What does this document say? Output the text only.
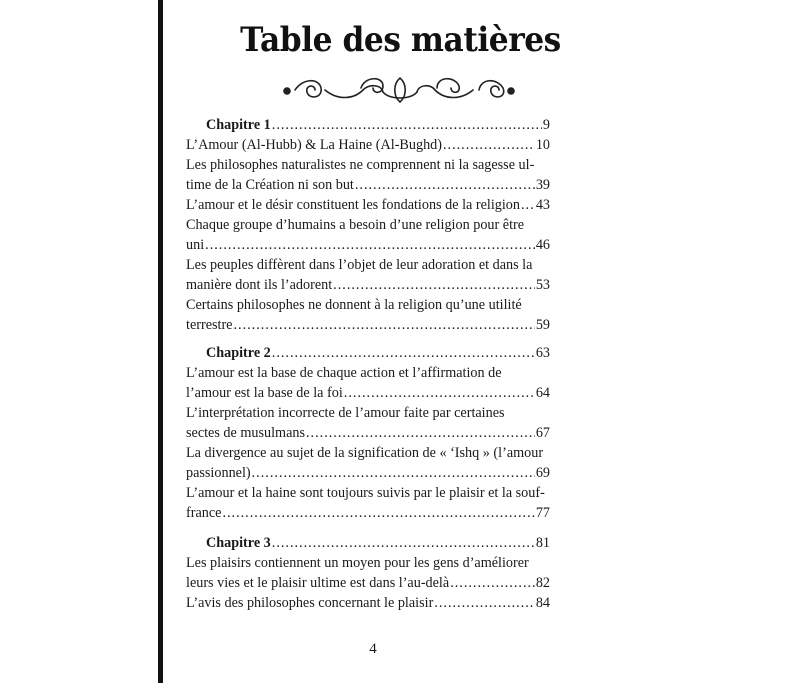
Table des matières
Chapitre 1 .....	9
L’Amour (Al-Hubb) & La Haine (Al-Bughd) .....	10
Les philosophes naturalistes ne comprennent ni la sagesse ul-
time de la Création ni son but .....	39
L’amour et le désir constituent les fondations de la religion ..... 43
Chaque groupe d’humains a besoin d’une religion pour être
uni .....	46
Les peuples diffèrent dans l’objet de leur adoration et dans la
manière dont ils l’adorent .....	53
Certains philosophes ne donnent à la religion qu’une utilité
terrestre .....	59
Chapitre 2 .....	63
L’amour est la base de chaque action et l’affirmation de
l’amour est la base de la foi .....	64
L’interprétation incorrecte de l’amour faite par certaines
sectes de musulmans .....	67
La divergence au sujet de la signification de « ‘Ishq » (l’amour
passionnel) .....	69
L’amour et la haine sont toujours suivis par le plaisir et la souf-
france .....	77
Chapitre 3 .....	81
Les plaisirs contiennent un moyen pour les gens d’améliorer
leurs vies et le plaisir ultime est dans l’au-delà .....	82
L’avis des philosophes concernant le plaisir .....	84
4
